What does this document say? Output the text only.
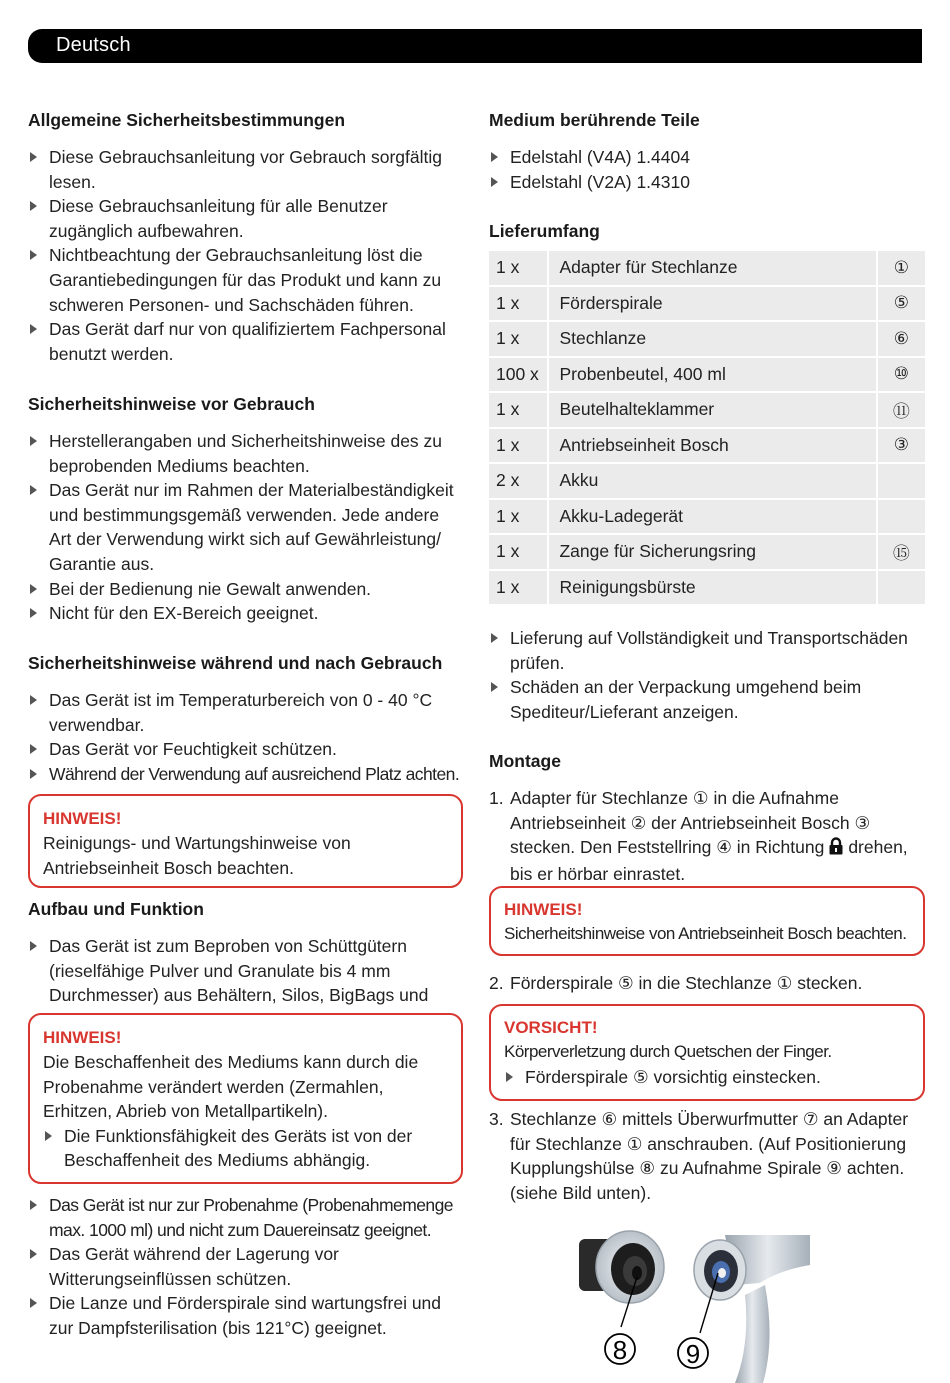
Deutsch
Allgemeine Sicherheitsbestimmungen
Diese Gebrauchsanleitung vor Gebrauch sorgfältig lesen.
Diese Gebrauchsanleitung für alle Benutzer zugänglich aufbewahren.
Nichtbeachtung der Gebrauchsanleitung löst die Garantiebedingungen für das Produkt und kann zu schweren Personen- und Sachschäden führen.
Das Gerät darf nur von qualifiziertem Fachpersonal benutzt werden.
Sicherheitshinweise vor Gebrauch
Herstellerangaben und Sicherheitshinweise des zu beprobenden Mediums beachten.
Das Gerät nur im Rahmen der Materialbeständigkeit und bestimmungsgemäß verwenden. Jede andere Art der Verwendung wirkt sich auf Gewährleistung/ Garantie aus.
Bei der Bedienung nie Gewalt anwenden.
Nicht für den EX-Bereich geeignet.
Sicherheitshinweise während und nach Gebrauch
Das Gerät ist im Temperaturbereich von 0 - 40 °C verwendbar.
Das Gerät vor Feuchtigkeit schützen.
Während der Verwendung auf ausreichend Platz achten.
HINWEIS!
Reinigungs- und Wartungshinweise von Antriebseinheit Bosch beachten.
Aufbau und Funktion
Das Gerät ist zum Beproben von Schüttgütern (rieselfähige Pulver und Granulate bis 4 mm Durchmesser) aus Behältern, Silos, BigBags und
HINWEIS!
Die Beschaffenheit des Mediums kann durch die Probenahme verändert werden (Zermahlen, Erhitzen, Abrieb von Metallpartikeln).
Die Funktionsfähigkeit des Geräts ist von der Beschaffenheit des Mediums abhängig.
Das Gerät ist nur zur Probenahme (Probenahmemenge max. 1000 ml) und nicht zum Dauereinsatz geeignet.
Das Gerät während der Lagerung vor Witterungseinflüssen schützen.
Die Lanze und Förderspirale sind wartungsfrei und zur Dampfsterilisation (bis 121°C) geeignet.
Medium berührende Teile
Edelstahl (V4A) 1.4404
Edelstahl (V2A) 1.4310
Lieferumfang
1 x	Adapter für Stechlanze	①
1 x	Förderspirale	⑤
1 x	Stechlanze	⑥
100 x	Probenbeutel, 400 ml	⑩
1 x	Beutelhalteklammer	⑪
1 x	Antriebseinheit Bosch	③
2 x	Akku	
1 x	Akku-Ladegerät	
1 x	Zange für Sicherungsring	⑮
1 x	Reinigungsbürste	
Lieferung auf Vollständigkeit und Transportschäden prüfen.
Schäden an der Verpackung umgehend beim Spediteur/Lieferant anzeigen.
Montage
1. Adapter für Stechlanze ① in die Aufnahme Antriebseinheit ② der Antriebseinheit Bosch ③ stecken. Den Feststellring ④ in Richtung drehen, bis er hörbar einrastet.
HINWEIS!
Sicherheitshinweise von Antriebseinheit Bosch beachten.
2. Förderspirale ⑤ in die Stechlanze ① stecken.
VORSICHT!
Körperverletzung durch Quetschen der Finger.
Förderspirale ⑤ vorsichtig einstecken.
3. Stechlanze ⑥ mittels Überwurfmutter ⑦ an Adapter für Stechlanze ① anschrauben. (Auf Positionierung Kupplungshülse ⑧ zu Aufnahme Spirale ⑨ achten. (siehe Bild unten).
8 9
